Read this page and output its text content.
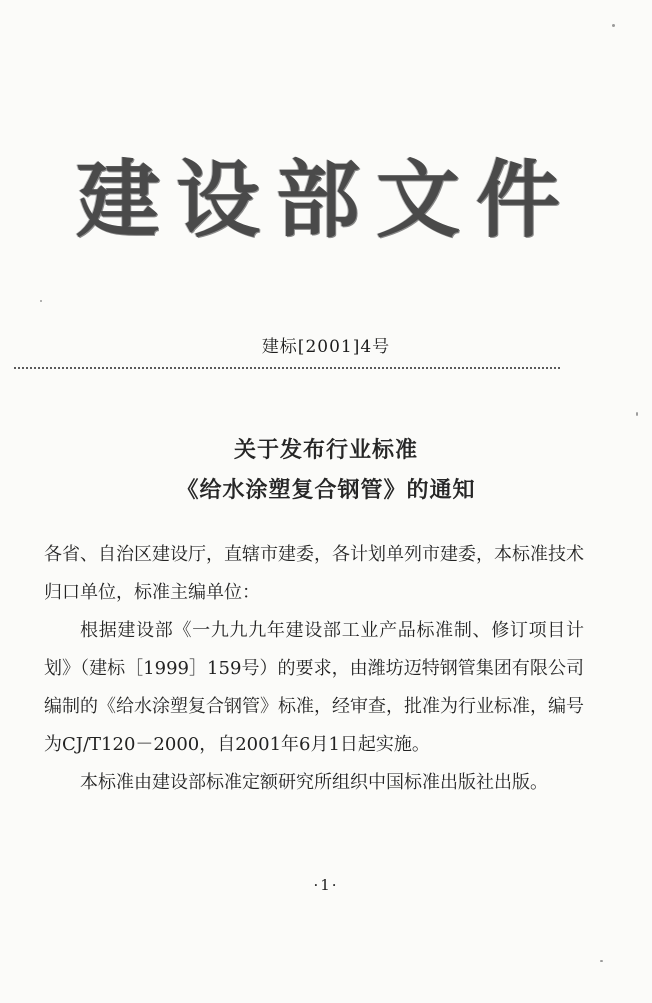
建设部文件
建标[2001]4号
关于发布行业标准
《给水涂塑复合钢管》的通知

各省、自治区建设厅，直辖市建委，各计划单列市建委，本标准技术归口单位，标准主编单位：

根据建设部《一九九九年建设部工业产品标准制、修订项目计划》（建标［1999］159号）的要求，由潍坊迈特钢管集团有限公司编制的《给水涂塑复合钢管》标准，经审查，批准为行业标准，编号为CJ/T120－2000，自2001年6月1日起实施。

本标准由建设部标准定额研究所组织中国标准出版社出版。

·1·
